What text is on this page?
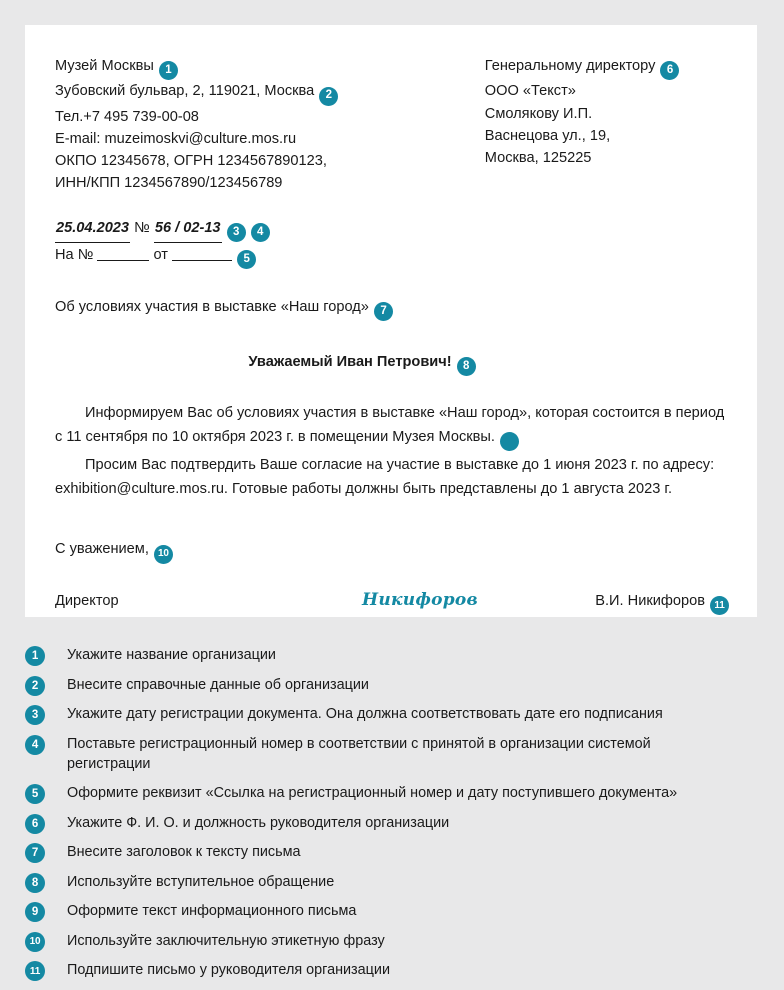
Музей Москвы 1
Зубовский бульвар, 2, 119021, Москва 2
Тел.+7 495 739-00-08
E-mail: muzeimoskvi@culture.mos.ru
ОКПО 12345678, ОГРН 1234567890123,
ИНН/КПП 1234567890/123456789
Генеральному директору 6
ООО «Текст»
Смолякову И.П.
Васнецова ул., 19,
Москва, 125225
25.04.2023 № 56 / 02-13 3 4
На №	от	5
Об условиях участия в выставке «Наш город» 7
Уважаемый Иван Петрович! 8

Информируем Вас об условиях участия в выставке «Наш город», которая состоится в период с 11 сентября по 10 октября 2023 г. в помещении Музея Москвы. 9

Просим Вас подтвердить Ваше согласие на участие в выставке до 1 июня 2023 г. по адресу: exhibition@culture.mos.ru. Готовые работы должны быть представлены до 1 августа 2023 г.

С уважением, 10
Директор	Никифоров	В.И. Никифоров 11
1	Укажите название организации
2	Внесите справочные данные об организации
3	Укажите дату регистрации документа. Она должна соответствовать дате его подписания
4	Поставьте регистрационный номер в соответствии с принятой в организации системой регистрации
5	Оформите реквизит «Ссылка на регистрационный номер и дату поступившего документа»
6	Укажите Ф. И. О. и должность руководителя организации
7	Внесите заголовок к тексту письма
8	Используйте вступительное обращение
9	Оформите текст информационного письма
10	Используйте заключительную этикетную фразу
11	Подпишите письмо у руководителя организации
